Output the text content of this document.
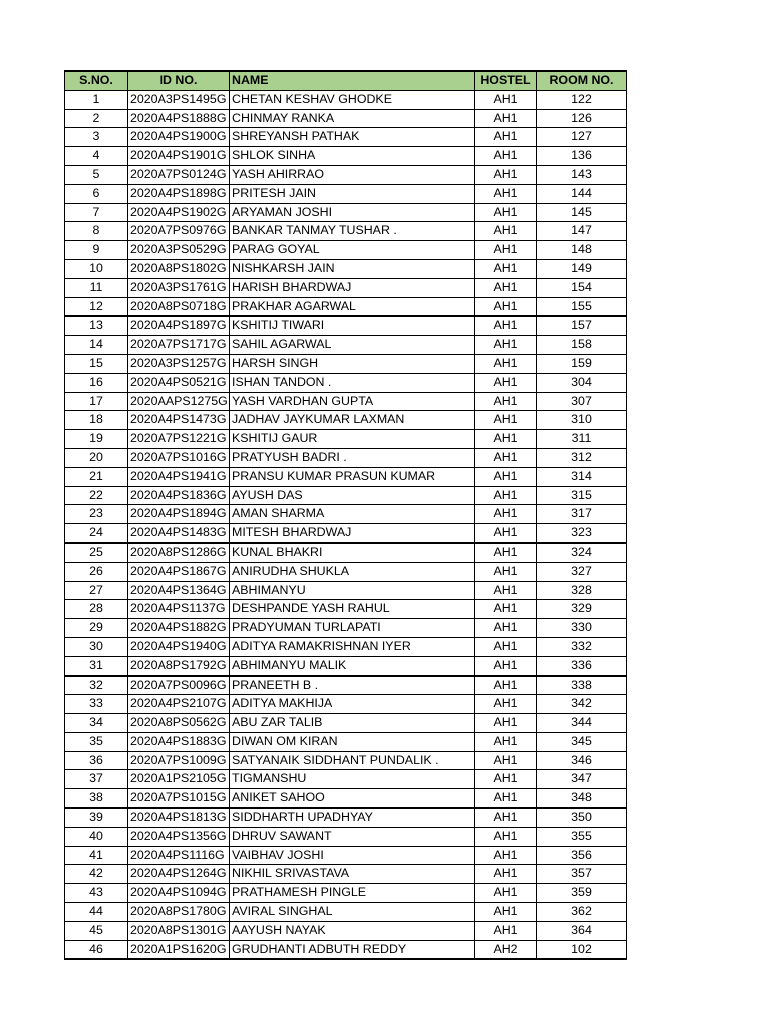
S.NO.	ID NO.	NAME	HOSTEL	ROOM NO.
1	2020A3PS1495G	CHETAN KESHAV GHODKE	AH1	122
2	2020A4PS1888G	CHINMAY RANKA	AH1	126
3	2020A4PS1900G	SHREYANSH PATHAK	AH1	127
4	2020A4PS1901G	SHLOK SINHA	AH1	136
5	2020A7PS0124G	YASH AHIRRAO	AH1	143
6	2020A4PS1898G	PRITESH JAIN	AH1	144
7	2020A4PS1902G	ARYAMAN JOSHI	AH1	145
8	2020A7PS0976G	BANKAR TANMAY TUSHAR .	AH1	147
9	2020A3PS0529G	PARAG GOYAL	AH1	148
10	2020A8PS1802G	NISHKARSH JAIN	AH1	149
11	2020A3PS1761G	HARISH BHARDWAJ	AH1	154
12	2020A8PS0718G	PRAKHAR AGARWAL	AH1	155
13	2020A4PS1897G	KSHITIJ TIWARI	AH1	157
14	2020A7PS1717G	SAHIL AGARWAL	AH1	158
15	2020A3PS1257G	HARSH SINGH	AH1	159
16	2020A4PS0521G	ISHAN TANDON .	AH1	304
17	2020AAPS1275G	YASH VARDHAN GUPTA	AH1	307
18	2020A4PS1473G	JADHAV JAYKUMAR LAXMAN	AH1	310
19	2020A7PS1221G	KSHITIJ GAUR	AH1	311
20	2020A7PS1016G	PRATYUSH BADRI .	AH1	312
21	2020A4PS1941G	PRANSU KUMAR PRASUN KUMAR	AH1	314
22	2020A4PS1836G	AYUSH DAS	AH1	315
23	2020A4PS1894G	AMAN SHARMA	AH1	317
24	2020A4PS1483G	MITESH BHARDWAJ	AH1	323
25	2020A8PS1286G	KUNAL BHAKRI	AH1	324
26	2020A4PS1867G	ANIRUDHA SHUKLA	AH1	327
27	2020A4PS1364G	ABHIMANYU	AH1	328
28	2020A4PS1137G	DESHPANDE YASH RAHUL	AH1	329
29	2020A4PS1882G	PRADYUMAN TURLAPATI	AH1	330
30	2020A4PS1940G	ADITYA RAMAKRISHNAN IYER	AH1	332
31	2020A8PS1792G	ABHIMANYU MALIK	AH1	336
32	2020A7PS0096G	PRANEETH B .	AH1	338
33	2020A4PS2107G	ADITYA MAKHIJA	AH1	342
34	2020A8PS0562G	ABU ZAR TALIB	AH1	344
35	2020A4PS1883G	DIWAN OM KIRAN	AH1	345
36	2020A7PS1009G	SATYANAIK SIDDHANT PUNDALIK .	AH1	346
37	2020A1PS2105G	TIGMANSHU	AH1	347
38	2020A7PS1015G	ANIKET SAHOO	AH1	348
39	2020A4PS1813G	SIDDHARTH UPADHYAY	AH1	350
40	2020A4PS1356G	DHRUV SAWANT	AH1	355
41	2020A4PS1116G	VAIBHAV JOSHI	AH1	356
42	2020A4PS1264G	NIKHIL SRIVASTAVA	AH1	357
43	2020A4PS1094G	PRATHAMESH PINGLE	AH1	359
44	2020A8PS1780G	AVIRAL SINGHAL	AH1	362
45	2020A8PS1301G	AAYUSH NAYAK	AH1	364
46	2020A1PS1620G	GRUDHANTI ADBUTH REDDY	AH2	102
